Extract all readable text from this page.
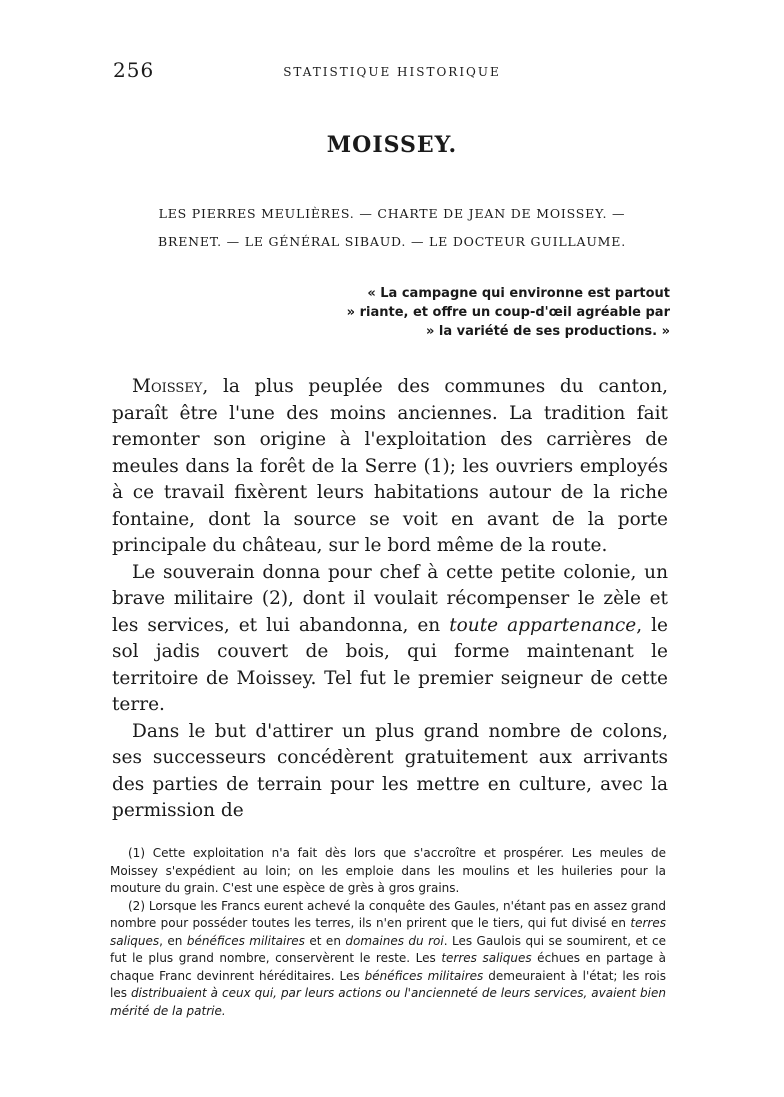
256	STATISTIQUE HISTORIQUE
MOISSEY.
LES PIERRES MEULIÈRES. — CHARTE DE JEAN DE MOISSEY. —
BRENET. — LE GÉNÉRAL SIBAUD. — LE DOCTEUR GUILLAUME.
« La campagne qui environne est partout
» riante, et offre un coup-d'œil agréable par
» la variété de ses productions. »

Moissey, la plus peuplée des communes du canton, paraît être l'une des moins anciennes. La tradition fait remonter son origine à l'exploitation des carrières de meules dans la forêt de la Serre (1); les ouvriers employés à ce travail fixèrent leurs habitations autour de la riche fontaine, dont la source se voit en avant de la porte principale du château, sur le bord même de la route.

Le souverain donna pour chef à cette petite colonie, un brave militaire (2), dont il voulait récompenser le zèle et les services, et lui abandonna, en toute appartenance, le sol jadis couvert de bois, qui forme maintenant le territoire de Moissey. Tel fut le premier seigneur de cette terre.

Dans le but d'attirer un plus grand nombre de colons, ses successeurs concédèrent gratuitement aux arrivants des parties de terrain pour les mettre en culture, avec la permission de

(1) Cette exploitation n'a fait dès lors que s'accroître et prospérer. Les meules de Moissey s'expédient au loin; on les emploie dans les moulins et les huileries pour la mouture du grain. C'est une espèce de grès à gros grains.

(2) Lorsque les Francs eurent achevé la conquête des Gaules, n'étant pas en assez grand nombre pour posséder toutes les terres, ils n'en prirent que le tiers, qui fut divisé en terres saliques, en bénéfices militaires et en domaines du roi. Les Gaulois qui se soumirent, et ce fut le plus grand nombre, conservèrent le reste. Les terres saliques échues en partage à chaque Franc devinrent héréditaires. Les bénéfices militaires demeuraient à l'état; les rois les distribuaient à ceux qui, par leurs actions ou l'ancienneté de leurs services, avaient bien mérité de la patrie.
